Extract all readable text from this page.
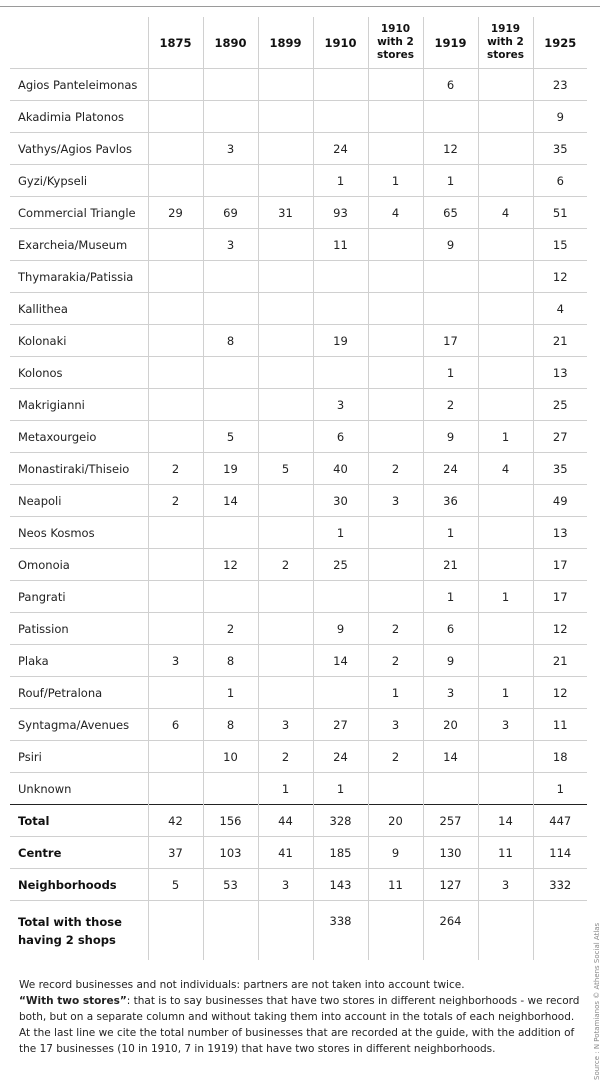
	1875	1890	1899	1910	1910 with 2 stores	1919	1919 with 2 stores	1925
Agios Panteleimonas						6		23
Akadimia Platonos								9
Vathys/Agios Pavlos		3		24		12		35
Gyzi/Kypseli				1	1	1		6
Commercial Triangle	29	69	31	93	4	65	4	51
Exarcheia/Museum		3		11		9		15
Thymarakia/Patissia								12
Kallithea								4
Kolonaki		8		19		17		21
Kolonos						1		13
Makrigianni				3		2		25
Metaxourgeio		5		6		9	1	27
Monastiraki/Thiseio	2	19	5	40	2	24	4	35
Neapoli	2	14		30	3	36		49
Neos Kosmos				1		1		13
Omonoia		12	2	25		21		17
Pangrati						1	1	17
Patission		2		9	2	6		12
Plaka	3	8		14	2	9		21
Rouf/Petralona		1			1	3	1	12
Syntagma/Avenues	6	8	3	27	3	20	3	11
Psiri		10	2	24	2	14		18
Unknown			1	1				1
Total	42	156	44	328	20	257	14	447
Centre	37	103	41	185	9	130	11	114
Neighborhoods	5	53	3	143	11	127	3	332
Total with those having 2 shops				338		264		

We record businesses and not individuals: partners are not taken into account twice.

“With two stores”: that is to say businesses that have two stores in different neighborhoods - we record both, but on a separate column and without taking them into account in the totals of each neighborhood.

At the last line we cite the total number of businesses that are recorded at the guide, with the addition of the 17 businesses (10 in 1910, 7 in 1919) that have two stores in different neighborhoods.	Source : N Potamianos © Athens Social Atlas
